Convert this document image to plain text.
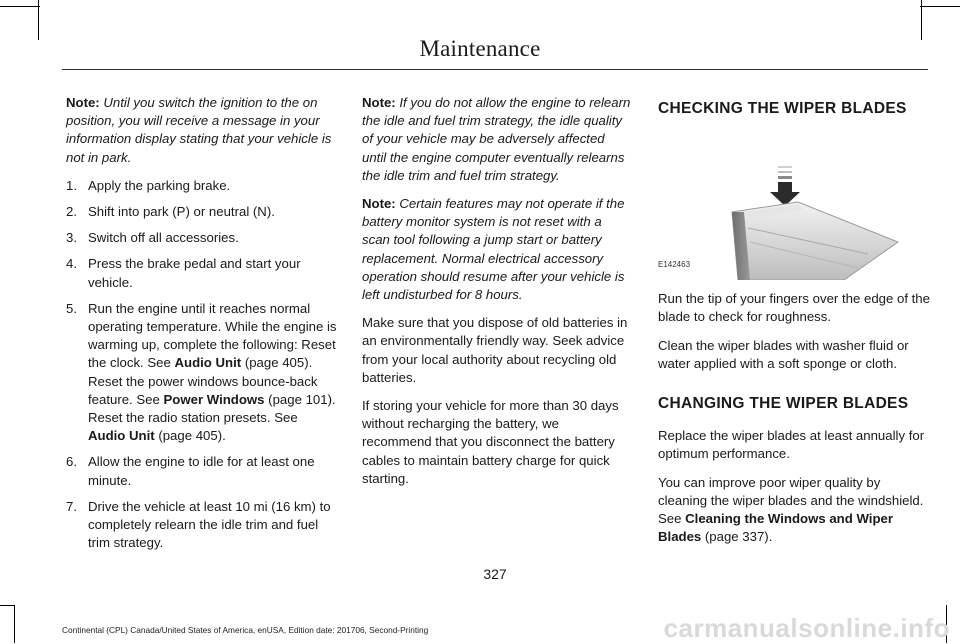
Maintenance

Note: Until you switch the ignition to the on position, you will receive a message in your information display stating that your vehicle is not in park.

1. Apply the parking brake.
2. Shift into park (P) or neutral (N).
3. Switch off all accessories.
4. Press the brake pedal and start your vehicle.
5. Run the engine until it reaches normal operating temperature. While the engine is warming up, complete the following: Reset the clock. See Audio Unit (page 405). Reset the power windows bounce-back feature. See Power Windows (page 101). Reset the radio station presets. See Audio Unit (page 405).
6. Allow the engine to idle for at least one minute.
7. Drive the vehicle at least 10 mi (16 km) to completely relearn the idle trim and fuel trim strategy.

Note: If you do not allow the engine to relearn the idle and fuel trim strategy, the idle quality of your vehicle may be adversely affected until the engine computer eventually relearns the idle trim and fuel trim strategy.

Note: Certain features may not operate if the battery monitor system is not reset with a scan tool following a jump start or battery replacement. Normal electrical accessory operation should resume after your vehicle is left undisturbed for 8 hours.

Make sure that you dispose of old batteries in an environmentally friendly way. Seek advice from your local authority about recycling old batteries.

If storing your vehicle for more than 30 days without recharging the battery, we recommend that you disconnect the battery cables to maintain battery charge for quick starting.

CHECKING THE WIPER BLADES
E142463

Run the tip of your fingers over the edge of the blade to check for roughness.

Clean the wiper blades with washer fluid or water applied with a soft sponge or cloth.

CHANGING THE WIPER BLADES

Replace the wiper blades at least annually for optimum performance.

You can improve poor wiper quality by cleaning the wiper blades and the windshield. See Cleaning the Windows and Wiper Blades (page 337).

327
Continental (CPL) Canada/United States of America, enUSA, Edition date: 201706, Second-Printing	carmanualsonline.info
